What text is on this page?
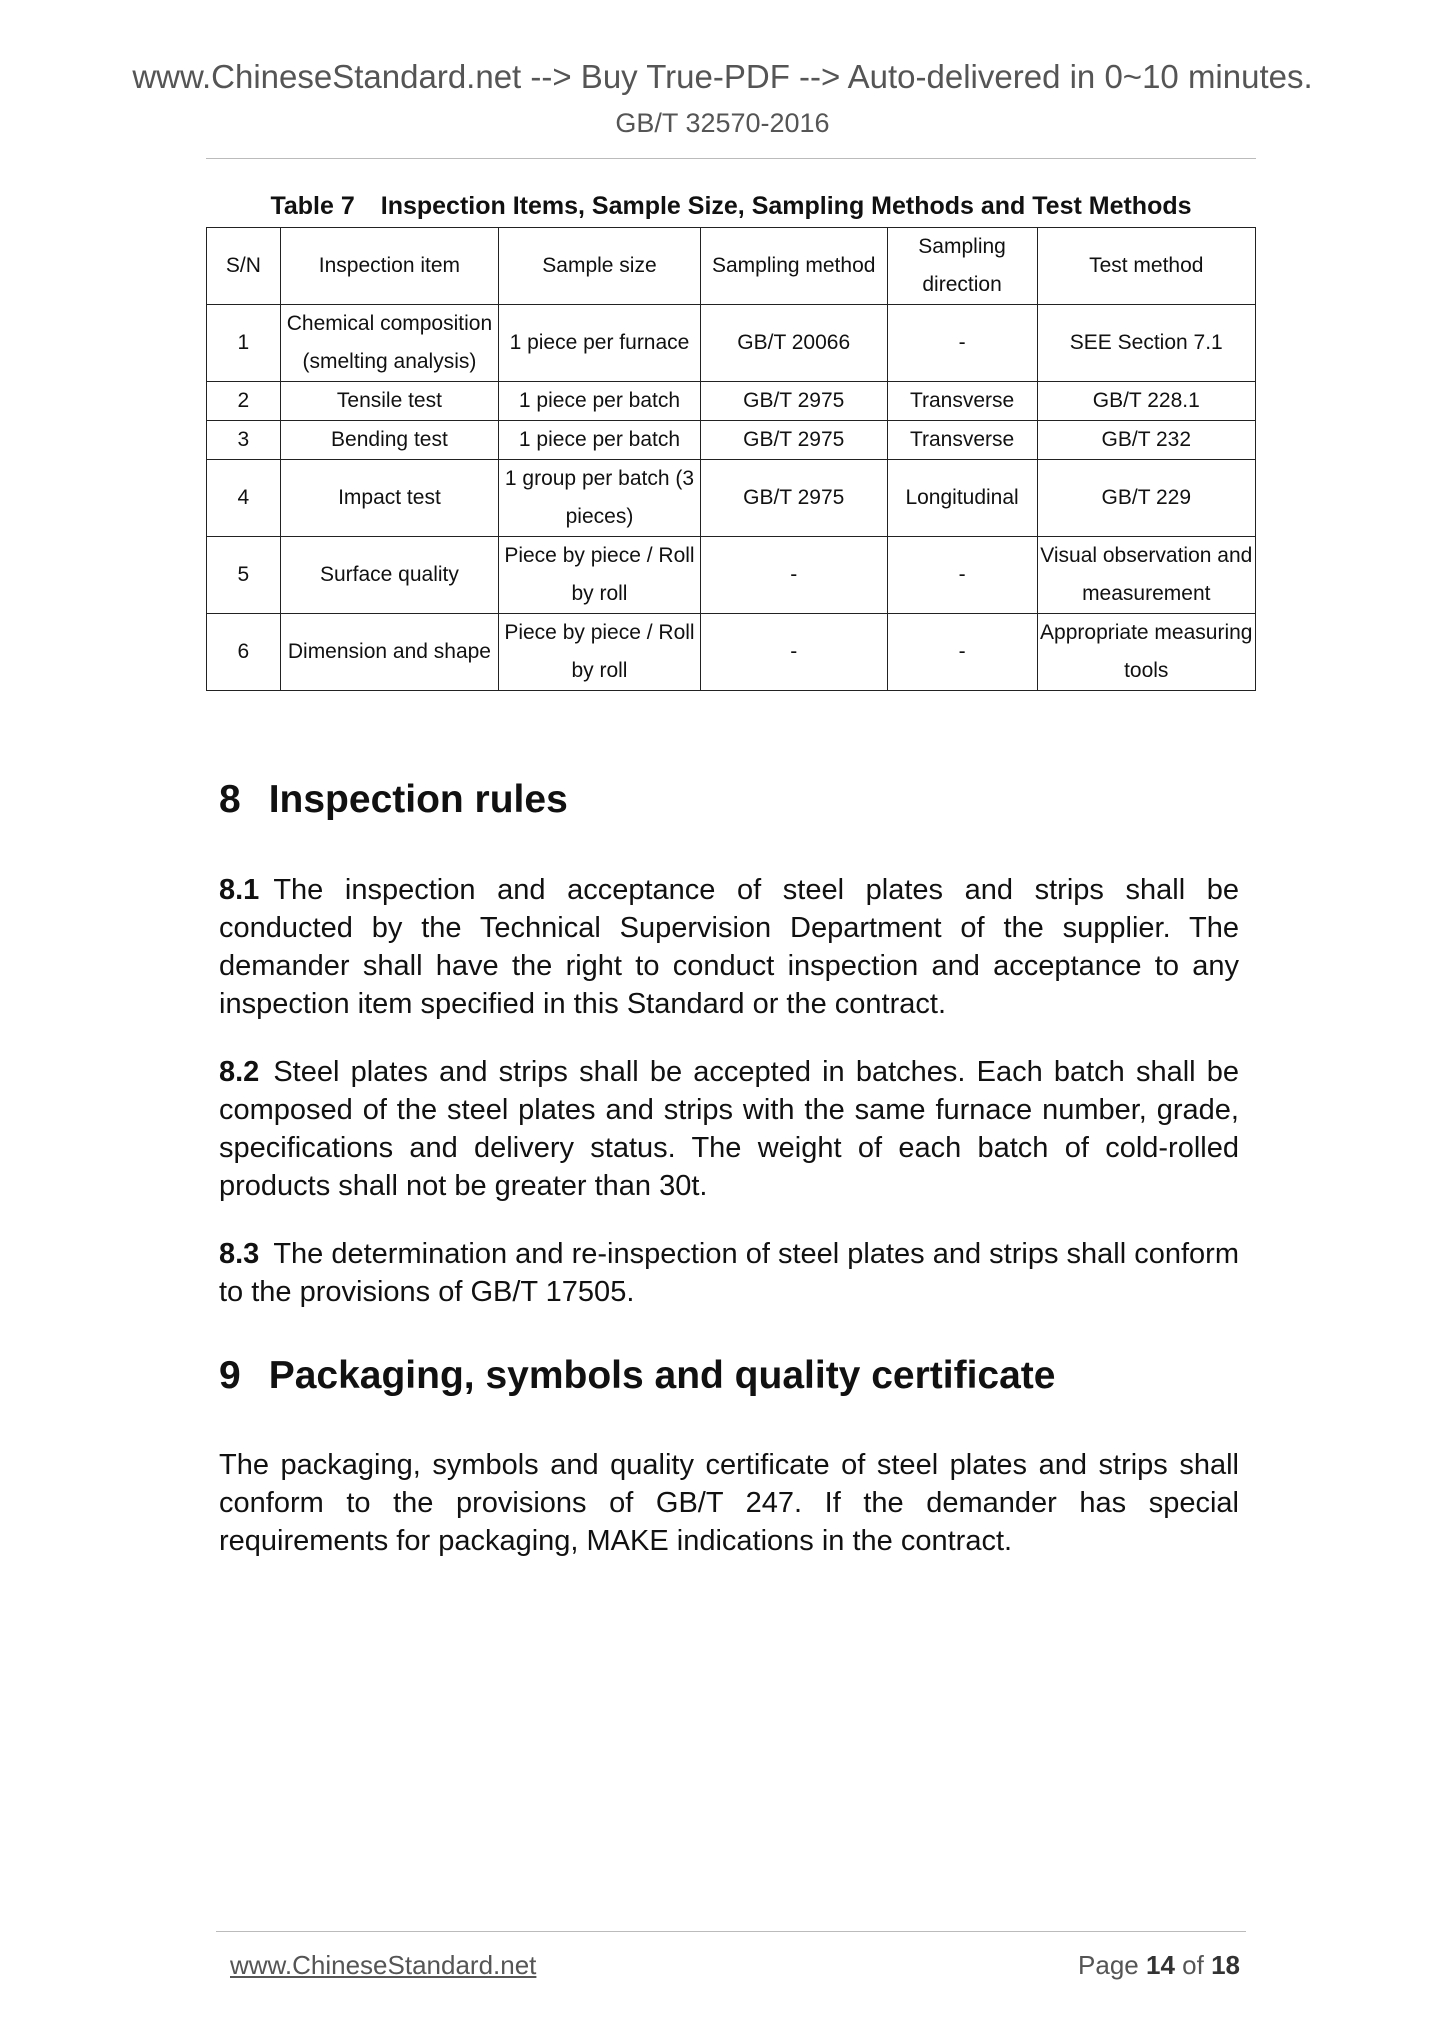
www.ChineseStandard.net --> Buy True-PDF --> Auto-delivered in 0~10 minutes.
GB/T 32570-2016
Table 7 Inspection Items, Sample Size, Sampling Methods and Test Methods
S/N	Inspection item	Sample size	Sampling method	Sampling direction	Test method
1	Chemical composition (smelting analysis)	1 piece per furnace	GB/T 20066	-	SEE Section 7.1
2	Tensile test	1 piece per batch	GB/T 2975	Transverse	GB/T 228.1
3	Bending test	1 piece per batch	GB/T 2975	Transverse	GB/T 232
4	Impact test	1 group per batch (3 pieces)	GB/T 2975	Longitudinal	GB/T 229
5	Surface quality	Piece by piece / Roll by roll	-	-	Visual observation and measurement
6	Dimension and shape	Piece by piece / Roll by roll	-	-	Appropriate measuring tools
8 Inspection rules

8.1 The inspection and acceptance of steel plates and strips shall be conducted by the Technical Supervision Department of the supplier. The demander shall have the right to conduct inspection and acceptance to any inspection item specified in this Standard or the contract.

8.2 Steel plates and strips shall be accepted in batches. Each batch shall be composed of the steel plates and strips with the same furnace number, grade, specifications and delivery status. The weight of each batch of cold-rolled products shall not be greater than 30t.

8.3 The determination and re-inspection of steel plates and strips shall conform to the provisions of GB/T 17505.

9 Packaging, symbols and quality certificate

The packaging, symbols and quality certificate of steel plates and strips shall conform to the provisions of GB/T 247. If the demander has special requirements for packaging, MAKE indications in the contract.

www.ChineseStandard.net	Page 14 of 18
